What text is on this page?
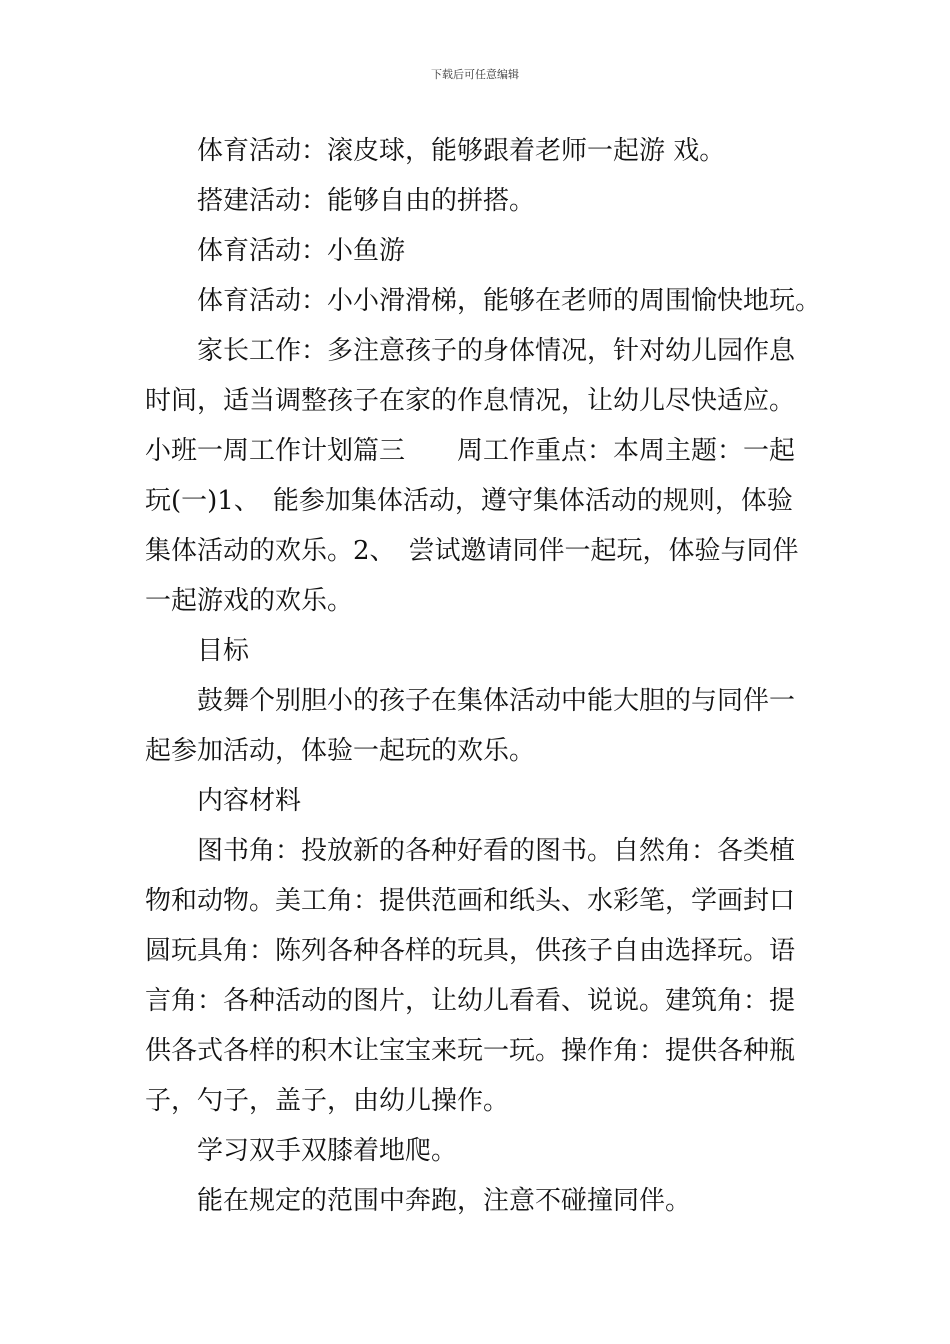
下载后可任意编辑
体育活动：滚皮球，能够跟着老师一起游 戏。
搭建活动：能够自由的拼搭。
体育活动：小鱼游
体育活动：小小滑滑梯，能够在老师的周围愉快地玩。
家长工作：多注意孩子的身体情况，针对幼儿园作息
时间，适当调整孩子在家的作息情况，让幼儿尽快适应。
小班一周工作计划篇三　　周工作重点：本周主题：一起
玩(一)1、　能参加集体活动，遵守集体活动的规则，体验
集体活动的欢乐。2、　尝试邀请同伴一起玩，体验与同伴
一起游戏的欢乐。
目标
鼓舞个别胆小的孩子在集体活动中能大胆的与同伴一
起参加活动，体验一起玩的欢乐。
内容材料
图书角：投放新的各种好看的图书。自然角：各类植
物和动物。美工角：提供范画和纸头、水彩笔，学画封口
圆玩具角：陈列各种各样的玩具，供孩子自由选择玩。语
言角：各种活动的图片，让幼儿看看、说说。建筑角：提
供各式各样的积木让宝宝来玩一玩。操作角：提供各种瓶
子，勺子，盖子，由幼儿操作。
学习双手双膝着地爬。
能在规定的范围中奔跑，注意不碰撞同伴。
